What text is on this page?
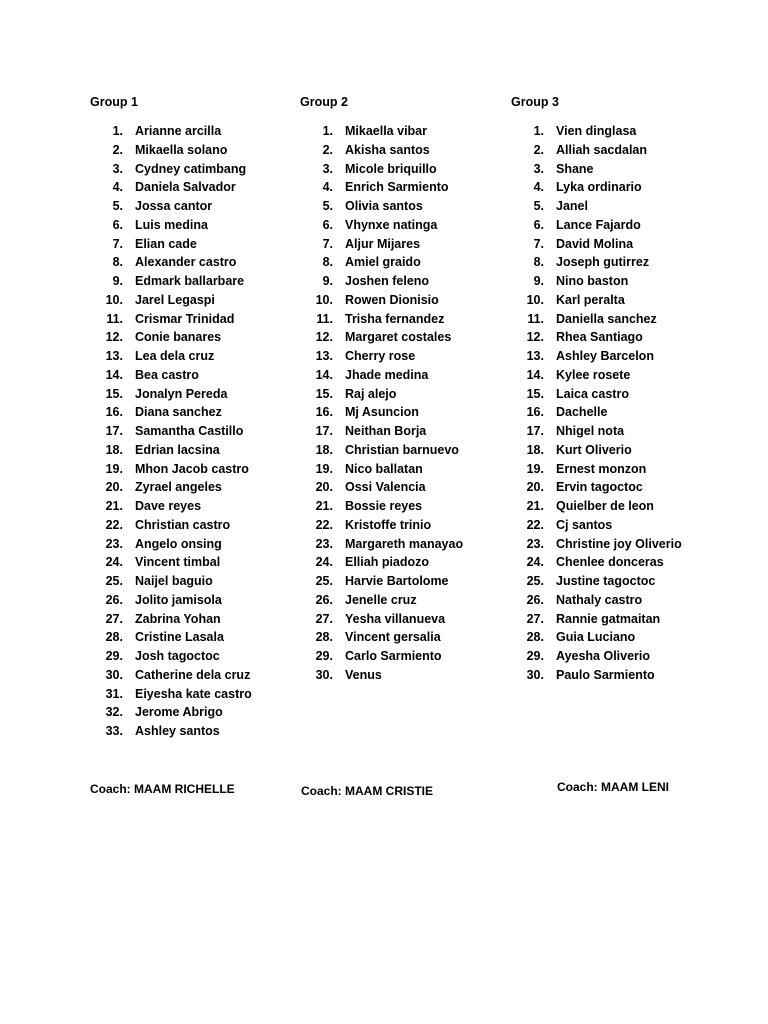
Group 1
1. Arianne arcilla
2. Mikaella solano
3. Cydney catimbang
4. Daniela Salvador
5. Jossa cantor
6. Luis medina
7. Elian cade
8. Alexander castro
9. Edmark ballarbare
10. Jarel Legaspi
11. Crismar Trinidad
12. Conie banares
13. Lea dela cruz
14. Bea castro
15. Jonalyn Pereda
16. Diana sanchez
17. Samantha Castillo
18. Edrian lacsina
19. Mhon Jacob castro
20. Zyrael angeles
21. Dave reyes
22. Christian castro
23. Angelo onsing
24. Vincent timbal
25. Naijel baguio
26. Jolito jamisola
27. Zabrina Yohan
28. Cristine Lasala
29. Josh tagoctoc
30. Catherine dela cruz
31. Eiyesha kate castro
32. Jerome Abrigo
33. Ashley santos
Group 2
1. Mikaella vibar
2. Akisha santos
3. Micole briquillo
4. Enrich Sarmiento
5. Olivia santos
6. Vhynxe natinga
7. Aljur Mijares
8. Amiel graido
9. Joshen feleno
10. Rowen Dionisio
11. Trisha fernandez
12. Margaret costales
13. Cherry rose
14. Jhade medina
15. Raj alejo
16. Mj Asuncion
17. Neithan Borja
18. Christian barnuevo
19. Nico ballatan
20. Ossi Valencia
21. Bossie reyes
22. Kristoffe trinio
23. Margareth manayao
24. Elliah piadozo
25. Harvie Bartolome
26. Jenelle cruz
27. Yesha villanueva
28. Vincent gersalia
29. Carlo Sarmiento
30. Venus
Group 3
1. Vien dinglasa
2. Alliah sacdalan
3. Shane
4. Lyka ordinario
5. Janel
6. Lance Fajardo
7. David Molina
8. Joseph gutirrez
9. Nino baston
10. Karl peralta
11. Daniella sanchez
12. Rhea Santiago
13. Ashley Barcelon
14. Kylee rosete
15. Laica castro
16. Dachelle
17. Nhigel nota
18. Kurt Oliverio
19. Ernest monzon
20. Ervin tagoctoc
21. Quielber de leon
22. Cj santos
23. Christine joy Oliverio
24. Chenlee donceras
25. Justine tagoctoc
26. Nathaly castro
27. Rannie gatmaitan
28. Guia Luciano
29. Ayesha Oliverio
30. Paulo Sarmiento
Coach: MAAM RICHELLE	Coach: MAAM CRISTIE	Coach: MAAM LENI
